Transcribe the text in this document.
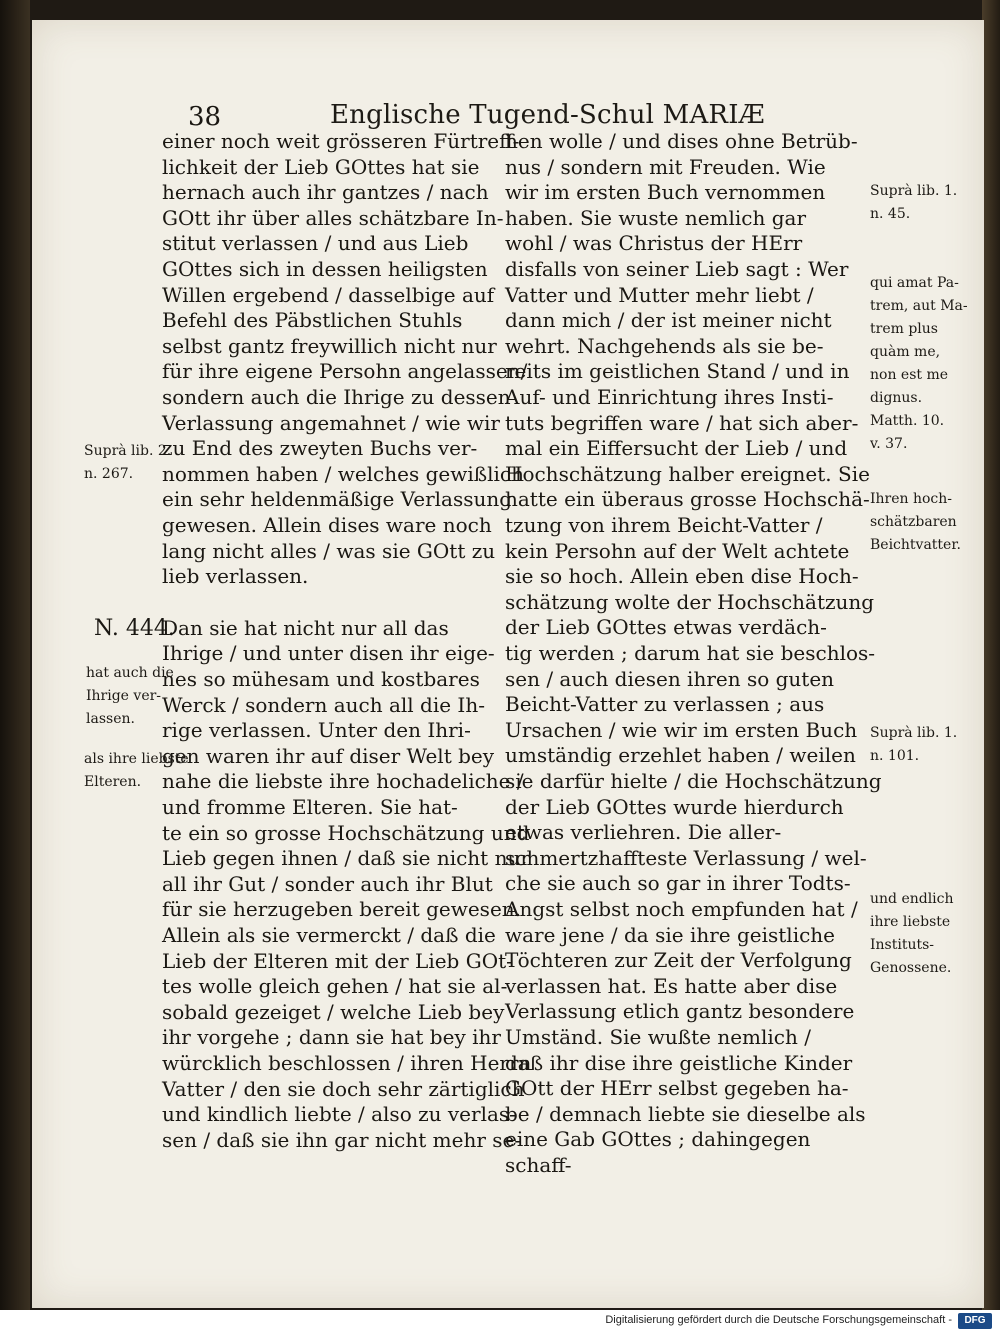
38	Englische Tugend-Schul MARIÆ
N. 444.
einer noch weit grösseren Fürtreff-
lichkeit der Lieb GOttes hat sie
hernach auch ihr gantzes / nach
GOtt ihr über alles schätzbare In-
stitut verlassen / und aus Lieb
GOttes sich in dessen heiligsten
Willen ergebend / dasselbige auf
Befehl des Päbstlichen Stuhls
selbst gantz freywillich nicht nur
für ihre eigene Persohn angelassen/
sondern auch die Ihrige zu dessen
Verlassung angemahnet / wie wir
zu End des zweyten Buchs ver-
nommen haben / welches gewißlich
ein sehr heldenmäßige Verlassung
gewesen. Allein dises ware noch
lang nicht alles / was sie GOtt zu
lieb verlassen.
Dan sie hat nicht nur all das
Ihrige / und unter disen ihr eige-
nes so mühesam und kostbares
Werck / sondern auch all die Ih-
rige verlassen. Unter den Ihri-
gen waren ihr auf diser Welt bey
nahe die liebste ihre hochadeliche /
und fromme Elteren. Sie hat-
te ein so grosse Hochschätzung und
Lieb gegen ihnen / daß sie nicht nur
all ihr Gut / sonder auch ihr Blut
für sie herzugeben bereit gewesen.
Allein als sie vermerckt / daß die
Lieb der Elteren mit der Lieb GOt-
tes wolle gleich gehen / hat sie al-
sobald gezeiget / welche Lieb bey
ihr vorgehe ; dann sie hat bey ihr
würcklich beschlossen / ihren Herrn
Vatter / den sie doch sehr zärtiglich
und kindlich liebte / also zu verlas-
sen / daß sie ihn gar nicht mehr se-
hen wolle / und dises ohne Betrüb-
nus / sondern mit Freuden. Wie
wir im ersten Buch vernommen
haben. Sie wuste nemlich gar
wohl / was Christus der HErr
disfalls von seiner Lieb sagt : Wer
Vatter und Mutter mehr liebt /
dann mich / der ist meiner nicht
wehrt. Nachgehends als sie be-
reits im geistlichen Stand / und in
Auf- und Einrichtung ihres Insti-
tuts begriffen ware / hat sich aber-
mal ein Eiffersucht der Lieb / und
Hochschätzung halber ereignet. Sie
hatte ein überaus grosse Hochschä-
tzung von ihrem Beicht-Vatter /
kein Persohn auf der Welt achtete
sie so hoch. Allein eben dise Hoch-
schätzung wolte der Hochschätzung
der Lieb GOttes etwas verdäch-
tig werden ; darum hat sie beschlos-
sen / auch diesen ihren so guten
Beicht-Vatter zu verlassen ; aus
Ursachen / wie wir im ersten Buch
umständig erzehlet haben / weilen
sie darfür hielte / die Hochschätzung
der Lieb GOttes wurde hierdurch
etwas verliehren. Die aller-
schmertzhaffteste Verlassung / wel-
che sie auch so gar in ihrer Todts-
Angst selbst noch empfunden hat /
ware jene / da sie ihre geistliche
Töchteren zur Zeit der Verfolgung
verlassen hat. Es hatte aber dise
Verlassung etlich gantz besondere
Umständ. Sie wußte nemlich /
daß ihr dise ihre geistliche Kinder
GOtt der HErr selbst gegeben ha-
be / demnach liebte sie dieselbe als
eine Gab GOttes ; dahingegen
schaff-
Suprà lib. 2.
n. 267.
hat auch die
Ihrige ver-
lassen.
als ihre liebste
Elteren.
Suprà lib. 1.
n. 45.
qui amat Pa-
trem, aut Ma-
trem plus
quàm me,
non est me
dignus.
Matth. 10.
v. 37.
Ihren hoch-
schätzbaren
Beichtvatter.
Suprà lib. 1.
n. 101.
und endlich
ihre liebste
Instituts-
Genossene.
Digitalisierung gefördert durch die Deutsche Forschungsgemeinschaft -	DFG
